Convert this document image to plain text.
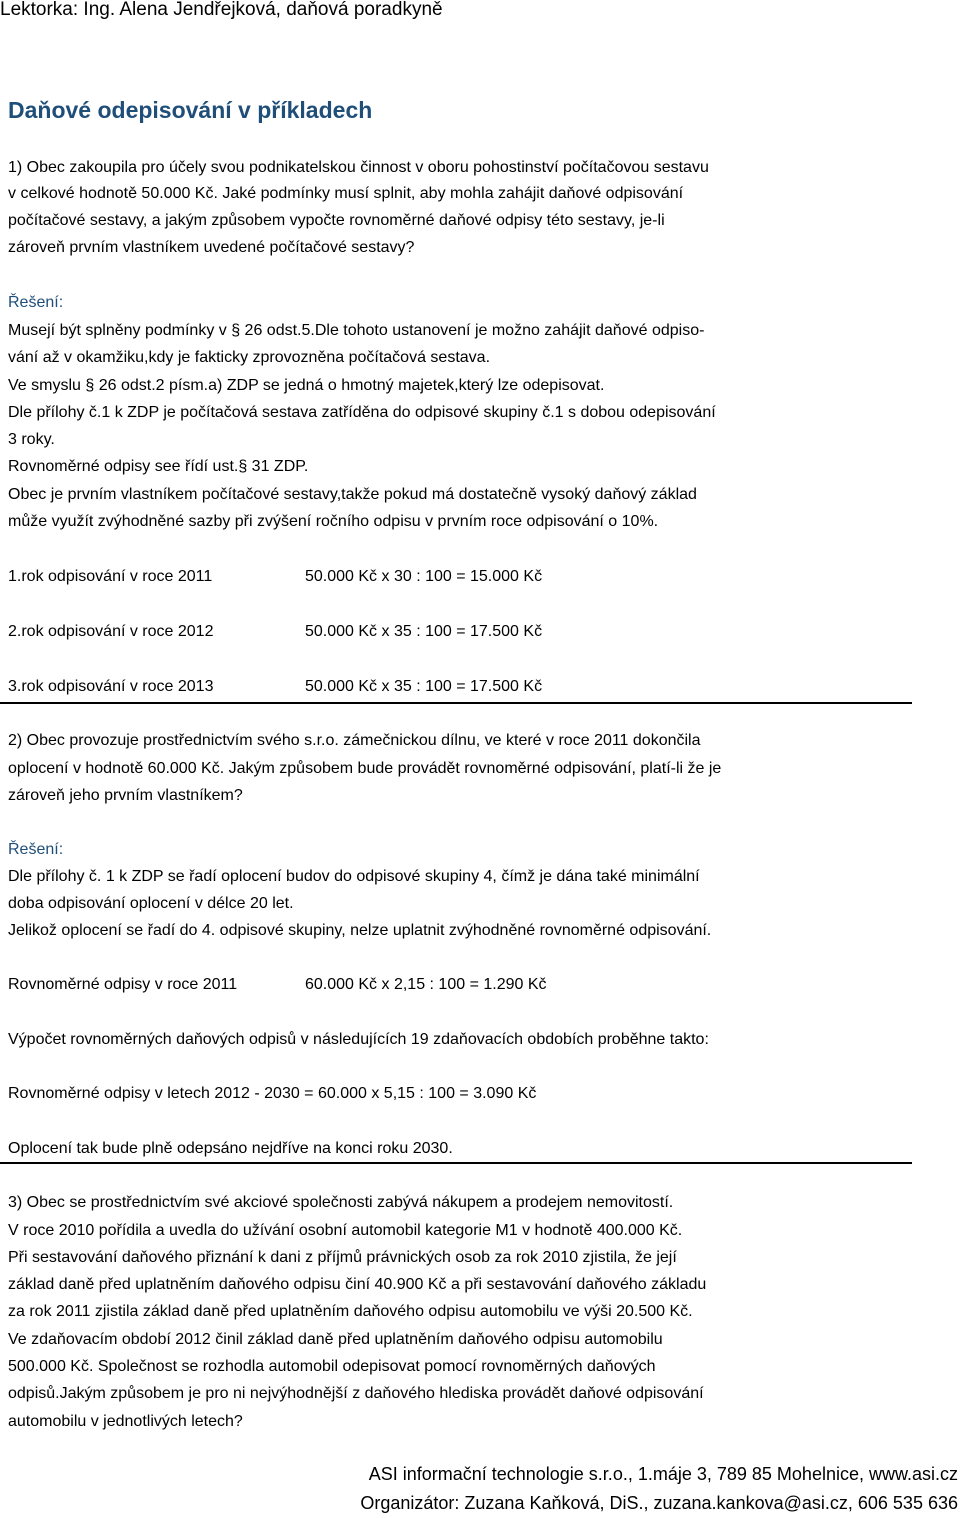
Lektorka: Ing. Alena Jendřejková, daňová poradkyně
Daňové odepisování v příkladech
1) Obec zakoupila pro účely svou podnikatelskou činnost v oboru pohostinství počítačovou sestavu
v celkové hodnotě 50.000 Kč. Jaké podmínky musí splnit, aby mohla zahájit daňové odpisování
počítačové sestavy, a jakým způsobem vypočte rovnoměrné daňové odpisy této sestavy, je-li
zároveň prvním vlastníkem uvedené počítačové sestavy?
Řešení:
Musejí být splněny podmínky v § 26 odst.5.Dle tohoto ustanovení je možno zahájit daňové odpiso-
vání až v okamžiku,kdy je fakticky zprovozněna počítačová sestava.
Ve smyslu § 26 odst.2 písm.a) ZDP se jedná o hmotný majetek,který lze odepisovat.
Dle přílohy č.1 k ZDP je počítačová sestava zatříděna do odpisové skupiny č.1 s dobou odepisování
3 roky.
Rovnoměrné odpisy see řídí ust.§ 31 ZDP.
Obec je prvním vlastníkem počítačové sestavy,takže pokud má dostatečně vysoký daňový základ
může využít zvýhodněné sazby při zvýšení ročního odpisu v prvním roce odpisování o 10%.
1.rok odpisování v roce 2011	50.000 Kč x 30 : 100 = 15.000 Kč
2.rok odpisování v roce 2012	50.000 Kč x 35 : 100 = 17.500 Kč
3.rok odpisování v roce 2013	50.000 Kč x 35 : 100 = 17.500 Kč
2) Obec provozuje prostřednictvím svého s.r.o. zámečnickou dílnu, ve které v roce 2011 dokončila
oplocení v hodnotě 60.000 Kč. Jakým způsobem bude provádět rovnoměrné odpisování, platí-li že je
zároveň jeho prvním vlastníkem?
Řešení:
Dle přílohy č. 1 k ZDP se řadí oplocení budov do odpisové skupiny 4, čímž je dána také minimální
doba odpisování oplocení v délce 20 let.
Jelikož oplocení se řadí do 4. odpisové skupiny, nelze uplatnit zvýhodněné rovnoměrné odpisování.
Rovnoměrné odpisy v roce 2011	60.000 Kč x 2,15 : 100 = 1.290 Kč
Výpočet rovnoměrných daňových odpisů v následujících 19 zdaňovacích obdobích proběhne takto:
Rovnoměrné odpisy v letech 2012 - 2030 = 60.000 x 5,15 : 100 = 3.090 Kč
Oplocení tak bude plně odepsáno nejdříve na konci roku 2030.
3) Obec se prostřednictvím své akciové společnosti zabývá nákupem a prodejem nemovitostí.
V roce 2010 pořídila a uvedla do užívání osobní automobil kategorie M1 v hodnotě 400.000 Kč.
Při sestavování daňového přiznání k dani z příjmů právnických osob za rok 2010 zjistila, že její
základ daně před uplatněním daňového odpisu činí 40.900 Kč a při sestavování daňového základu
za rok 2011 zjistila základ daně před uplatněním daňového odpisu automobilu ve výši 20.500 Kč.
Ve zdaňovacím období 2012 činil základ daně před uplatněním daňového odpisu automobilu
500.000 Kč. Společnost se rozhodla automobil odepisovat pomocí rovnoměrných daňových
odpisů.Jakým způsobem je pro ni nejvýhodnější z daňového hlediska provádět daňové odpisování
automobilu v jednotlivých letech?
ASI informační technologie s.r.o., 1.máje 3, 789 85 Mohelnice, www.asi.cz
Organizátor: Zuzana Kaňková, DiS., zuzana.kankova@asi.cz, 606 535 636
